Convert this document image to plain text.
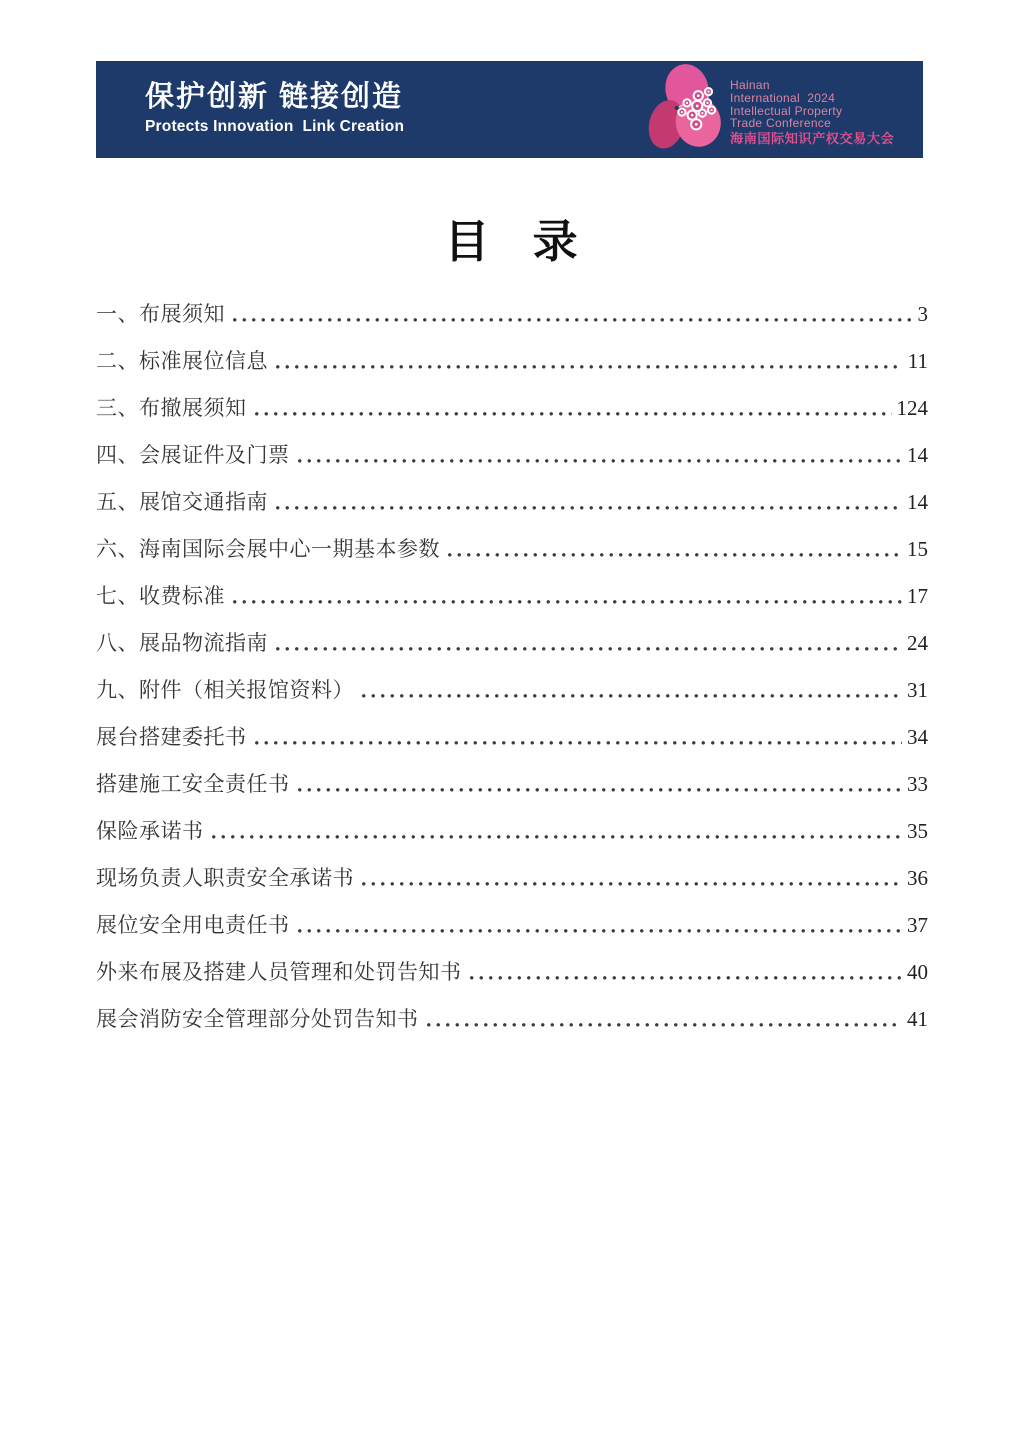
保护创新 链接创造
Protects Innovation  Link Creation
Hainan
International  2024
Intellectual Property
Trade Conference
海南国际知识产权交易大会
目 录
一、布展须知	3
二、标准展位信息	11
三、布撤展须知	124
四、会展证件及门票	14
五、展馆交通指南	14
六、海南国际会展中心一期基本参数	15
七、收费标准	17
八、展品物流指南	24
九、附件（相关报馆资料）	31
展台搭建委托书	34
搭建施工安全责任书	33
保险承诺书	35
现场负责人职责安全承诺书	36
展位安全用电责任书	37
外来布展及搭建人员管理和处罚告知书	40
展会消防安全管理部分处罚告知书	41
